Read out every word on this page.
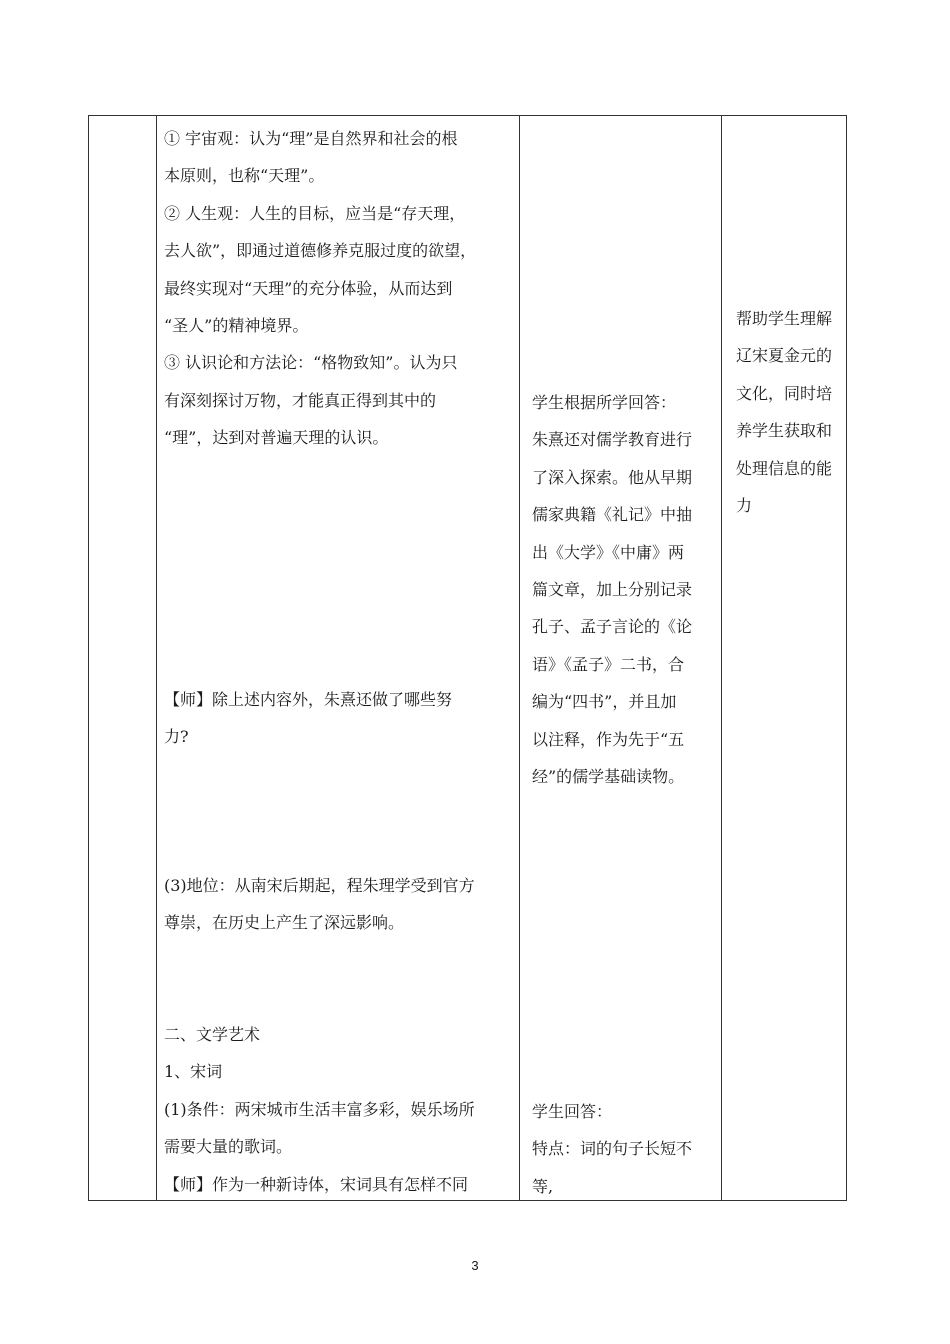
① 宇宙观：认为“理”是自然界和社会的根

本原则，也称“天理”。

② 人生观：人生的目标，应当是“存天理，

去人欲”，即通过道德修养克服过度的欲望，

最终实现对“天理”的充分体验，从而达到

“圣人”的精神境界。

③ 认识论和方法论：“格物致知”。认为只

有深刻探讨万物，才能真正得到其中的

“理”，达到对普遍天理的认识。

【师】除上述内容外，朱熹还做了哪些努

力?

(3)地位：从南宋后期起，程朱理学受到官方

尊崇，在历史上产生了深远影响。

二、文学艺术

1、宋词

(1)条件：两宋城市生活丰富多彩，娱乐场所

需要大量的歌词。

【师】作为一种新诗体，宋词具有怎样不同

学生根据所学回答：

朱熹还对儒学教育进行

了深入探索。他从早期

儒家典籍《礼记》中抽

出《大学》《中庸》两

篇文章，加上分别记录

孔子、孟子言论的《论

语》《孟子》二书，合

编为“四书”，并且加

以注释，作为先于“五

经”的儒学基础读物。

学生回答：

特点：词的句子长短不

等,

帮助学生理解

辽宋夏金元的

文化，同时培

养学生获取和

处理信息的能

力

3
